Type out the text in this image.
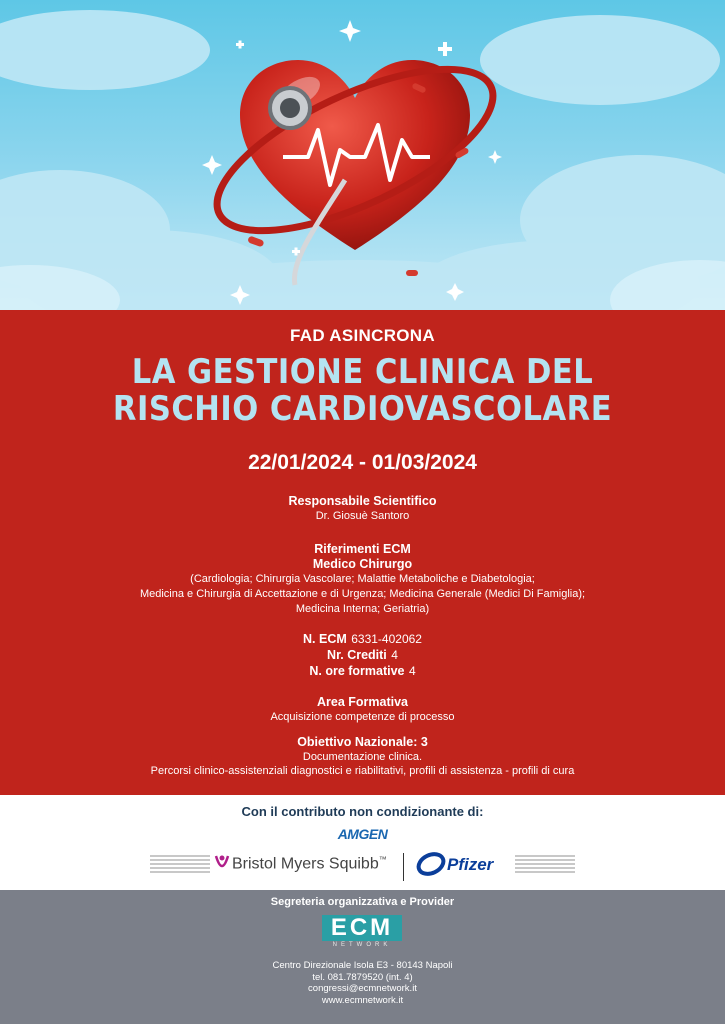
FAD ASINCRONA
LA GESTIONE CLINICA DEL
RISCHIO CARDIOVASCOLARE
22/01/2024 - 01/03/2024
Responsabile Scientifico
Dr. Giosuè Santoro
Riferimenti ECM
Medico Chirurgo
(Cardiologia; Chirurgia Vascolare; Malattie Metaboliche e Diabetologia;
Medicina e Chirurgia di Accettazione e di Urgenza; Medicina Generale (Medici Di Famiglia);
Medicina Interna; Geriatria)
N. ECM 6331-402062
Nr. Crediti 4
N. ore formative 4
Area Formativa
Acquisizione competenze di processo
Obiettivo Nazionale: 3
Documentazione clinica.
Percorsi clinico-assistenziali diagnostici e riabilitativi, profili di assistenza - profili di cura
Con il contributo non condizionante di:
AMGEN
Bristol Myers Squibb™	Pfizer
Segreteria organizzativa e Provider
ECM
NETWORK
Centro Direzionale Isola E3 - 80143 Napoli
tel. 081.7879520 (int. 4)
congressi@ecmnetwork.it
www.ecmnetwork.it
